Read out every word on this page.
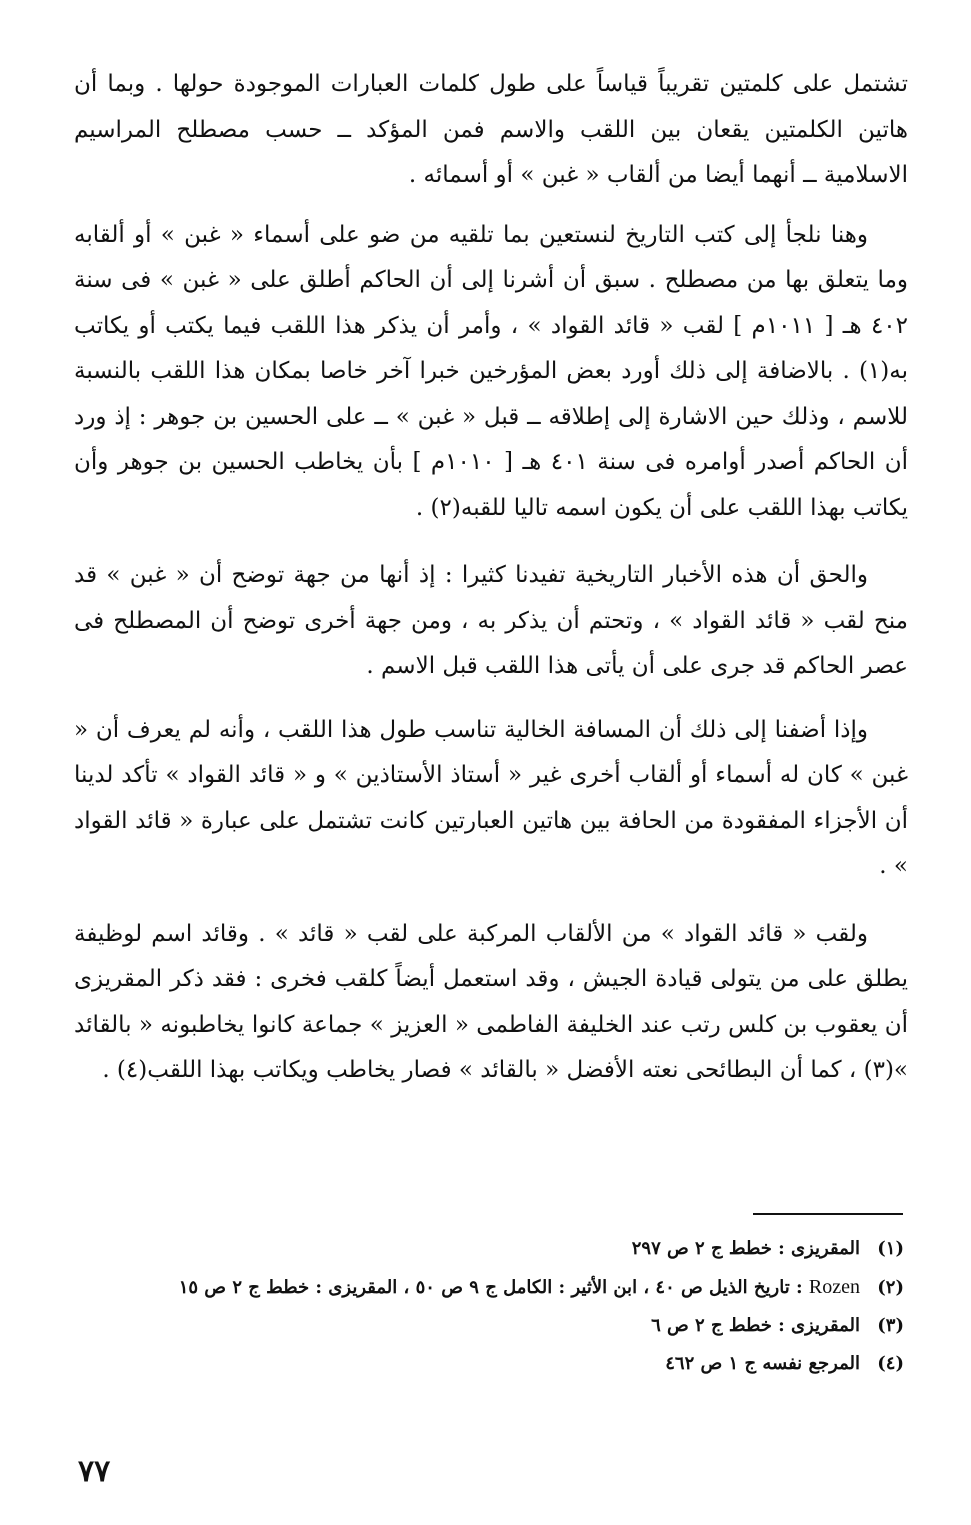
تشتمل على كلمتين تقريباً قياساً على طول كلمات العبارات الموجودة حولها . وبما أن هاتين الكلمتين يقعان بين اللقب والاسم فمن المؤكد ــ حسب مصطلح المراسيم الاسلامية ــ أنهما أيضا من ألقاب « غبن » أو أسمائه .

وهنا نلجأ إلى كتب التاريخ لنستعين بما تلقيه من ضو على أسماء « غبن » أو ألقابه وما يتعلق بها من مصطلح . سبق أن أشرنا إلى أن الحاكم أطلق على « غبن » فى سنة ٤٠٢ هـ [ ١٠١١م ] لقب « قائد القواد » ، وأمر أن يذكر هذا اللقب فيما يكتب أو يكاتب به(١) . بالاضافة إلى ذلك أورد بعض المؤرخين خبرا آخر خاصا بمكان هذا اللقب بالنسبة للاسم ، وذلك حين الاشارة إلى إطلاقه ــ قبل « غبن » ــ على الحسين بن جوهر : إذ ورد أن الحاكم أصدر أوامره فى سنة ٤٠١ هـ [ ١٠١٠م ] بأن يخاطب الحسين بن جوهر وأن يكاتب بهذا اللقب على أن يكون اسمه تاليا للقبه(٢) .

والحق أن هذه الأخبار التاريخية تفيدنا كثيرا : إذ أنها من جهة توضح أن « غبن » قد منح لقب « قائد القواد » ، وتحتم أن يذكر به ، ومن جهة أخرى توضح أن المصطلح فى عصر الحاكم قد جرى على أن يأتى هذا اللقب قبل الاسم .

وإذا أضفنا إلى ذلك أن المسافة الخالية تناسب طول هذا اللقب ، وأنه لم يعرف أن « غبن » كان له أسماء أو ألقاب أخرى غير « أستاذ الأستاذين » و « قائد القواد » تأكد لدينا أن الأجزاء المفقودة من الحافة بين هاتين العبارتين كانت تشتمل على عبارة « قائد القواد » .

ولقب « قائد القواد » من الألقاب المركبة على لقب « قائد » . وقائد اسم لوظيفة يطلق على من يتولى قيادة الجيش ، وقد استعمل أيضاً كلقب فخرى : فقد ذكر المقريزى أن يعقوب بن كلس رتب عند الخليفة الفاطمى « العزيز » جماعة كانوا يخاطبونه « بالقائد »(٣) ، كما أن البطائحى نعته الأفضل « بالقائد » فصار يخاطب ويكاتب بهذا اللقب(٤) .

(١)المقريزى : خطط ج ٢ ص ٢٩٧

(٢)Rozen : تاريخ الذيل ص ٤٠ ، ابن الأثير : الكامل ج ٩ ص ٥٠ ، المقريزى : خطط ج ٢ ص ١٥

(٣)المقريزى : خطط ج ٢ ص ٦

(٤)المرجع نفسه ج ١ ص ٤٦٢

٧٧
